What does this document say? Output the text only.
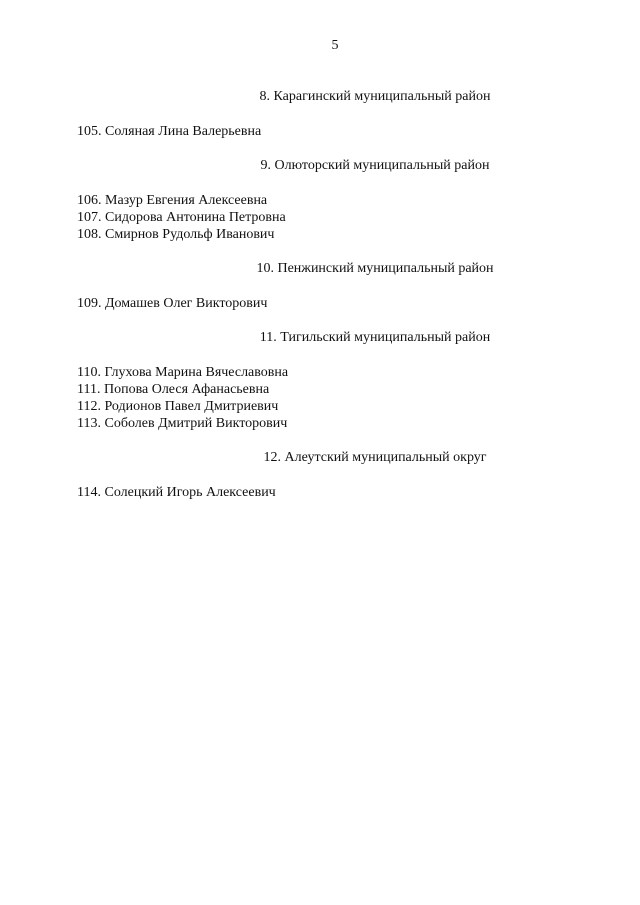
5
8. Карагинский муниципальный район
105. Соляная Лина Валерьевна
9. Олюторский муниципальный район
106. Мазур Евгения Алексеевна
107. Сидорова Антонина Петровна
108. Смирнов Рудольф Иванович
10. Пенжинский муниципальный район
109. Домашев Олег Викторович
11. Тигильский муниципальный район
110. Глухова Марина Вячеславовна
111. Попова Олеся Афанасьевна
112. Родионов Павел Дмитриевич
113. Соболев Дмитрий Викторович
12. Алеутский муниципальный округ
114. Солецкий Игорь Алексеевич
